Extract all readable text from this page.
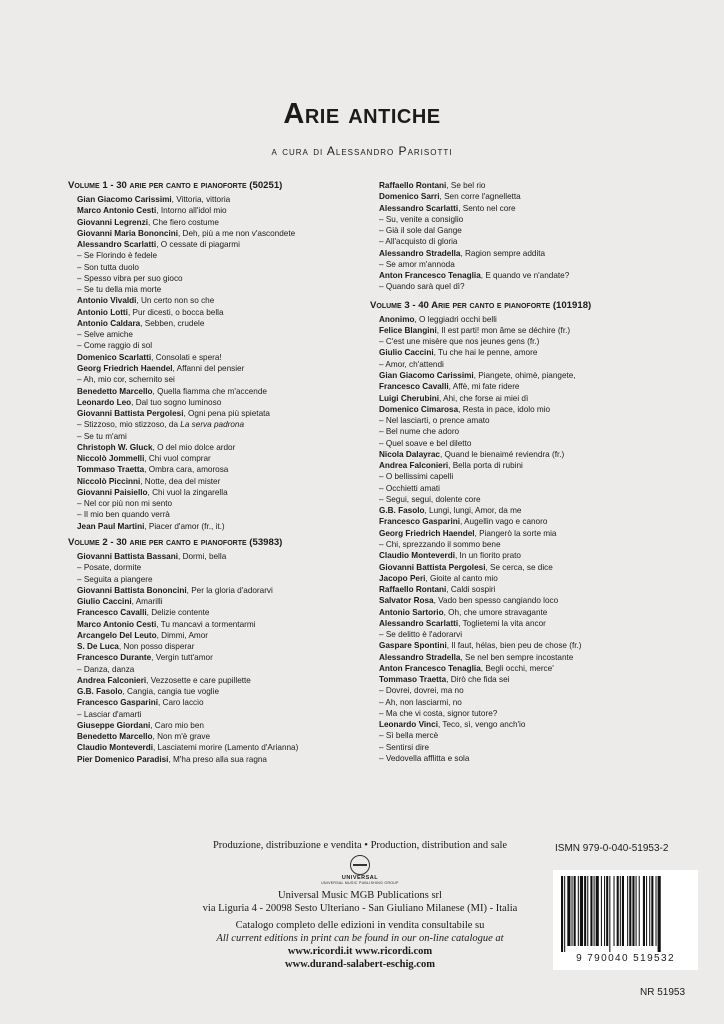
Arie antiche
a cura di Alessandro Parisotti
Volume 1 - 30 arie per canto e pianoforte (50251)
Gian Giacomo Carissimi, Vittoria, vittoria
Marco Antonio Cesti, Intorno all'idol mio
Giovanni Legrenzi, Che fiero costume
Giovanni Maria Bononcini, Deh, più a me non v'ascondete
Alessandro Scarlatti, O cessate di piagarmi
– Se Florindo è fedele
– Son tutta duolo
– Spesso vibra per suo gioco
– Se tu della mia morte
Antonio Vivaldi, Un certo non so che
Antonio Lotti, Pur dicesti, o bocca bella
Antonio Caldara, Sebben, crudele
– Selve amiche
– Come raggio di sol
Domenico Scarlatti, Consolati e spera!
Georg Friedrich Haendel, Affanni del pensier
– Ah, mio cor, schernito sei
Benedetto Marcello, Quella fiamma che m'accende
Leonardo Leo, Dal tuo sogno luminoso
Giovanni Battista Pergolesi, Ogni pena più spietata
– Stizzoso, mio stizzoso, da La serva padrona
– Se tu m'ami
Christoph W. Gluck, O del mio dolce ardor
Niccolò Jommelli, Chi vuol comprar
Tommaso Traetta, Ombra cara, amorosa
Niccolò Piccinni, Notte, dea del mister
Giovanni Paisiello, Chi vuol la zingarella
– Nel cor più non mi sento
– Il mio ben quando verrà
Jean Paul Martini, Piacer d'amor (fr., it.)
Volume 2 - 30 arie per canto e pianoforte (53983)
Giovanni Battista Bassani, Dormi, bella
– Posate, dormite
– Seguita a piangere
Giovanni Battista Bononcini, Per la gloria d'adorarvi
Giulio Caccini, Amarilli
Francesco Cavalli, Delizie contente
Marco Antonio Cesti, Tu mancavi a tormentarmi
Arcangelo Del Leuto, Dimmi, Amor
S. De Luca, Non posso disperar
Francesco Durante, Vergin tutt'amor
– Danza, danza
Andrea Falconieri, Vezzosette e care pupillette
G.B. Fasolo, Cangia, cangia tue voglie
Francesco Gasparini, Caro laccio
– Lasciar d'amarti
Giuseppe Giordani, Caro mio ben
Benedetto Marcello, Non m'è grave
Claudio Monteverdi, Lasciatemi morire (Lamento d'Arianna)
Pier Domenico Paradisi, M'ha preso alla sua ragna
Raffaello Rontani, Se bel rio
Domenico Sarri, Sen corre l'agnelletta
Alessandro Scarlatti, Sento nel core
– Su, venite a consiglio
– Già il sole dal Gange
– All'acquisto di gloria
Alessandro Stradella, Ragion sempre addita
– Se amor m'annoda
Anton Francesco Tenaglia, E quando ve n'andate?
– Quando sarà quel dì?
Volume 3 - 40 Arie per canto e pianoforte (101918)
Anonimo, O leggiadri occhi belli
Felice Blangini, Il est parti! mon âme se déchire (fr.)
– C'est une misère que nos jeunes gens (fr.)
Giulio Caccini, Tu che hai le penne, amore
– Amor, ch'attendi
Gian Giacomo Carissimi, Piangete, ohimè, piangete,
Francesco Cavalli, Affè, mi fate ridere
Luigi Cherubini, Ahi, che forse ai miei dì
Domenico Cimarosa, Resta in pace, idolo mio
– Nel lasciarti, o prence amato
– Bel nume che adoro
– Quel soave e bel diletto
Nicola Dalayrac, Quand le bienaimé reviendra (fr.)
Andrea Falconieri, Bella porta di rubini
– O bellissimi capelli
– Occhietti amati
– Segui, segui, dolente core
G.B. Fasolo, Lungi, lungi, Amor, da me
Francesco Gasparini, Augellin vago e canoro
Georg Friedrich Haendel, Piangerò la sorte mia
– Chi, sprezzando il sommo bene
Claudio Monteverdi, In un fiorito prato
Giovanni Battista Pergolesi, Se cerca, se dice
Jacopo Peri, Gioite al canto mio
Raffaello Rontani, Caldi sospiri
Salvator Rosa, Vado ben spesso cangiando loco
Antonio Sartorio, Oh, che umore stravagante
Alessandro Scarlatti, Toglietemi la vita ancor
– Se delitto è l'adorarvi
Gaspare Spontini, Il faut, hélas, bien peu de chose (fr.)
Alessandro Stradella, Se nel ben sempre incostante
Anton Francesco Tenaglia, Begli occhi, merce'
Tommaso Traetta, Dirò che fida sei
– Dovrei, dovrei, ma no
– Ah, non lasciarmi, no
– Ma che vi costa, signor tutore?
Leonardo Vinci, Teco, sì, vengo anch'io
– Sì bella mercè
– Sentirsi dire
– Vedovella afflitta e sola
Produzione, distribuzione e vendita • Production, distribution and sale
UNIVERSAL
UNIVERSAL MUSIC PUBLISHING GROUP
Universal Music MGB Publications srl
via Liguria 4 - 20098 Sesto Ulteriano - San Giuliano Milanese (MI) - Italia
Catalogo completo delle edizioni in vendita consultabile su
All current editions in print can be found in our on-line catalogue at
www.ricordi.it www.ricordi.com
www.durand-salabert-eschig.com
ISMN 979-0-040-51953-2
9 790040 519532
NR 51953
